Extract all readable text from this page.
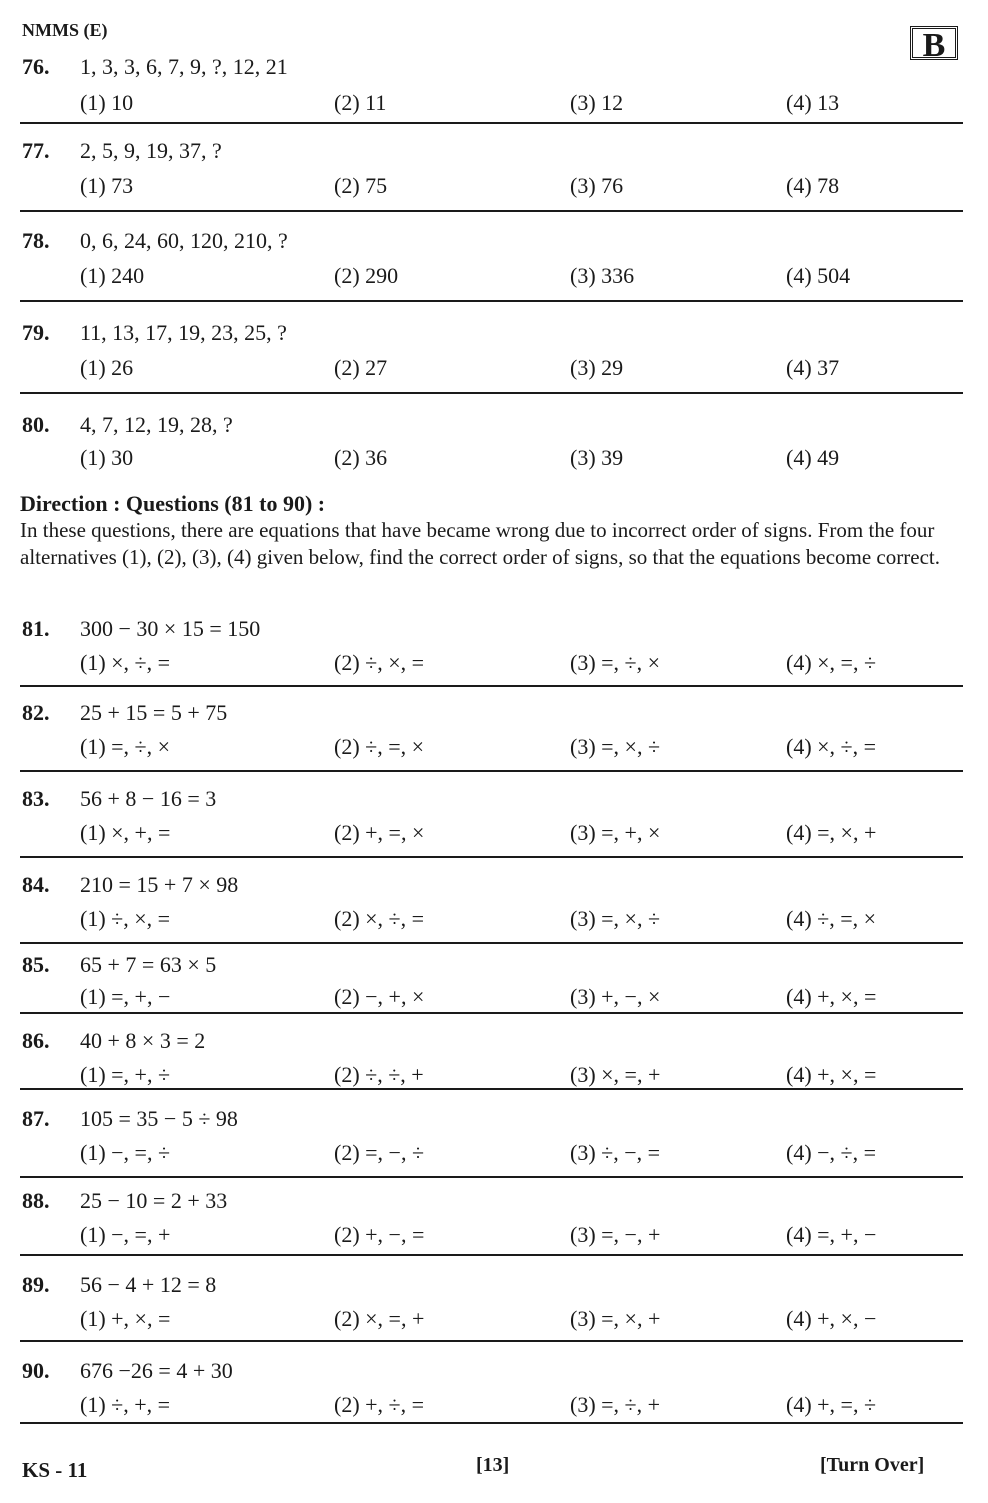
NMMS (E)	B
76. 1, 3, 3, 6, 7, 9, ?, 12, 21
(1) 10	(2) 11	(3) 12	(4) 13
77. 2, 5, 9, 19, 37, ?
(1) 73	(2) 75	(3) 76	(4) 78
78. 0, 6, 24, 60, 120, 210, ?
(1) 240	(2) 290	(3) 336	(4) 504
79. 11, 13, 17, 19, 23, 25, ?
(1) 26	(2) 27	(3) 29	(4) 37
80. 4, 7, 12, 19, 28, ?
(1) 30	(2) 36	(3) 39	(4) 49
Direction : Questions (81 to 90) :
In these questions, there are equations that have became wrong due to incorrect order of signs. From the four alternatives (1), (2), (3), (4) given below, find the correct order of signs, so that the equations become correct.
81. 300 − 30 × 15 = 150
(1) ×, ÷, =	(2) ÷, ×, =	(3) =, ÷, ×	(4) ×, =, ÷
82. 25 + 15 = 5 + 75
(1) =, ÷, ×	(2) ÷, =, ×	(3) =, ×, ÷	(4) ×, ÷, =
83. 56 + 8 − 16 = 3
(1) ×, +, =	(2) +, =, ×	(3) =, +, ×	(4) =, ×, +
84. 210 = 15 + 7 × 98
(1) ÷, ×, =	(2) ×, ÷, =	(3) =, ×, ÷	(4) ÷, =, ×
85. 65 + 7 = 63 × 5
(1) =, +, −	(2) −, +, ×	(3) +, −, ×	(4) +, ×, =
86. 40 + 8 × 3 = 2
(1) =, +, ÷	(2) ÷, ÷, +	(3) ×, =, +	(4) +, ×, =
87. 105 = 35 − 5 ÷ 98
(1) −, =, ÷	(2) =, −, ÷	(3) ÷, −, =	(4) −, ÷, =
88. 25 − 10 = 2 + 33
(1) −, =, +	(2) +, −, =	(3) =, −, +	(4) =, +, −
89. 56 − 4 + 12 = 8
(1) +, ×, =	(2) ×, =, +	(3) =, ×, +	(4) +, ×, −
90. 676 −26 = 4 + 30
(1) ÷, +, =	(2) +, ÷, =	(3) =, ÷, +	(4) +, =, ÷
KS - 11	[13]	[Turn Over]
